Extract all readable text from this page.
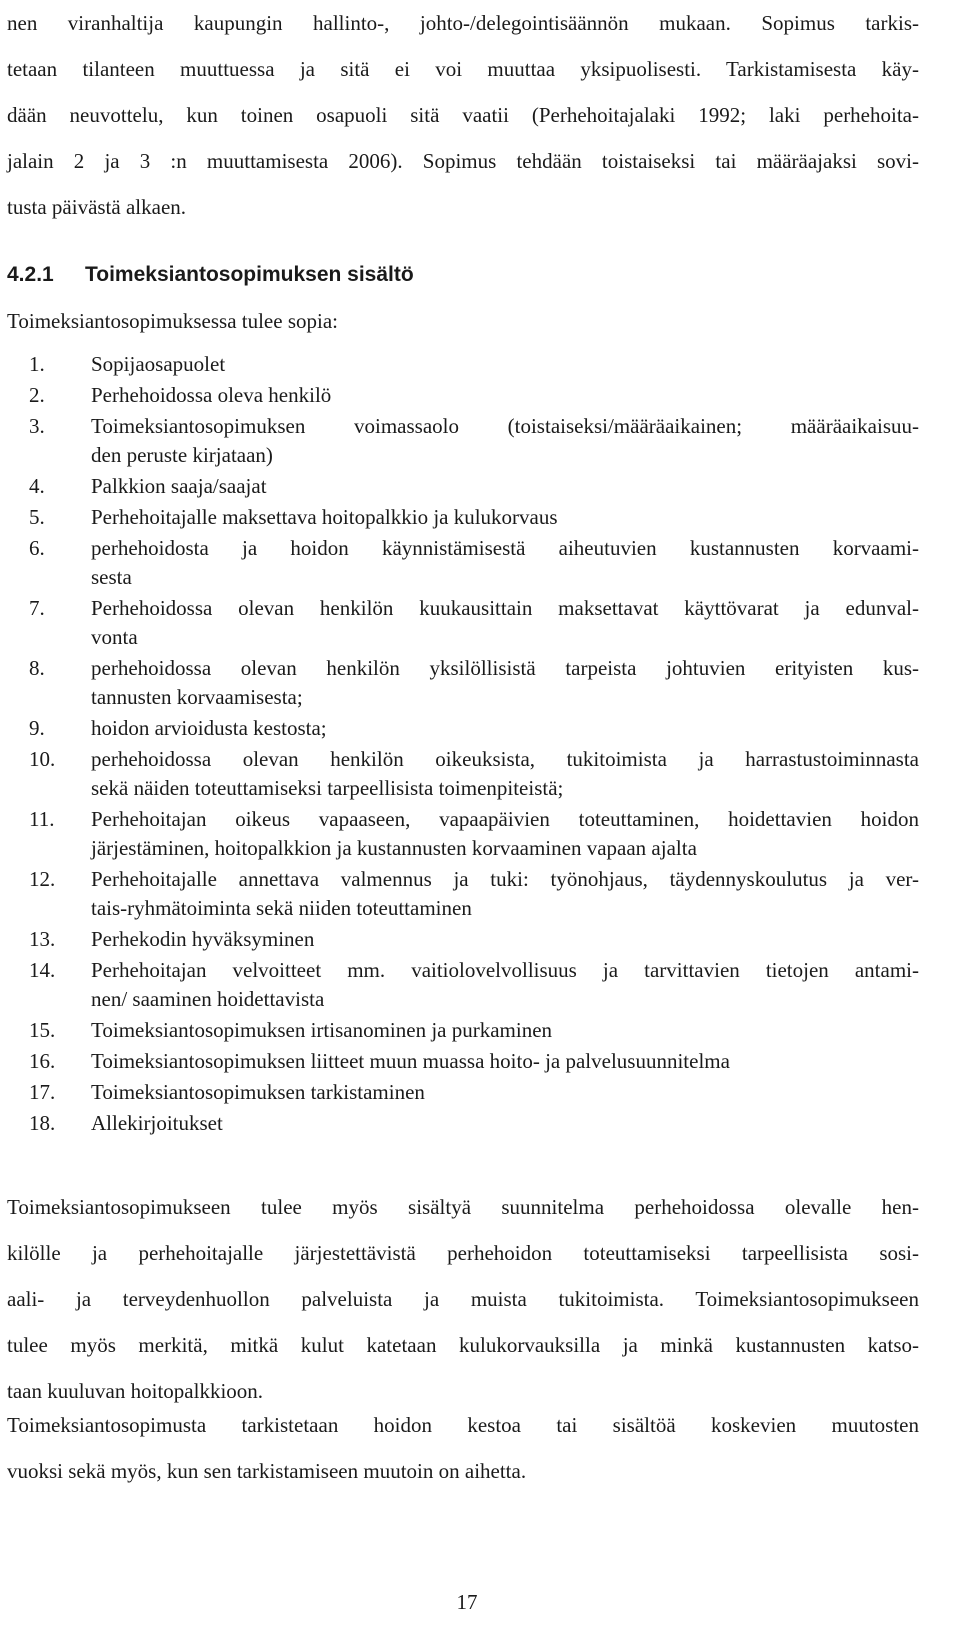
nen viranhaltija kaupungin hallinto-, johto-/delegointisäännön mukaan. Sopimus tarkis-
tetaan tilanteen muuttuessa ja sitä ei voi muuttaa yksipuolisesti. Tarkistamisesta käy-
dään neuvottelu, kun toinen osapuoli sitä vaatii (Perhehoitajalaki 1992; laki perhehoita-
jalain 2 ja 3 :n muuttamisesta 2006). Sopimus tehdään toistaiseksi tai määräajaksi sovi-
tusta päivästä alkaen.
4.2.1 Toimeksiantosopimuksen sisältö

Toimeksiantosopimuksessa tulee sopia:

1. Sopijaosapuolet
2. Perhehoidossa oleva henkilö
3. Toimeksiantosopimuksen voimassaolo (toistaiseksi/määräaikainen; määräaikaisuu-
den peruste kirjataan)
4. Palkkion saaja/saajat
5. Perhehoitajalle maksettava hoitopalkkio ja kulukorvaus
6. perhehoidosta ja hoidon käynnistämisestä aiheutuvien kustannusten korvaami-
sesta
7. Perhehoidossa olevan henkilön kuukausittain maksettavat käyttövarat ja edunval-
vonta
8. perhehoidossa olevan henkilön yksilöllisistä tarpeista johtuvien erityisten kus-
tannusten korvaamisesta;
9. hoidon arvioidusta kestosta;
10. perhehoidossa olevan henkilön oikeuksista, tukitoimista ja harrastustoiminnasta
sekä näiden toteuttamiseksi tarpeellisista toimenpiteistä;
11. Perhehoitajan oikeus vapaaseen, vapaapäivien toteuttaminen, hoidettavien hoidon
järjestäminen, hoitopalkkion ja kustannusten korvaaminen vapaan ajalta
12. Perhehoitajalle annettava valmennus ja tuki: työnohjaus, täydennyskoulutus ja ver-
tais-ryhmätoiminta sekä niiden toteuttaminen
13. Perhekodin hyväksyminen
14. Perhehoitajan velvoitteet mm. vaitiolovelvollisuus ja tarvittavien tietojen antami-
nen/ saaminen hoidettavista
15. Toimeksiantosopimuksen irtisanominen ja purkaminen
16. Toimeksiantosopimuksen liitteet muun muassa hoito- ja palvelusuunnitelma
17. Toimeksiantosopimuksen tarkistaminen
18. Allekirjoitukset
Toimeksiantosopimukseen tulee myös sisältyä suunnitelma perhehoidossa olevalle hen-
kilölle ja perhehoitajalle järjestettävistä perhehoidon toteuttamiseksi tarpeellisista sosi-
aali- ja terveydenhuollon palveluista ja muista tukitoimista. Toimeksiantosopimukseen
tulee myös merkitä, mitkä kulut katetaan kulukorvauksilla ja minkä kustannusten katso-
taan kuuluvan hoitopalkkioon.
Toimeksiantosopimusta tarkistetaan hoidon kestoa tai sisältöä koskevien muutosten
vuoksi sekä myös, kun sen tarkistamiseen muutoin on aihetta.
17
